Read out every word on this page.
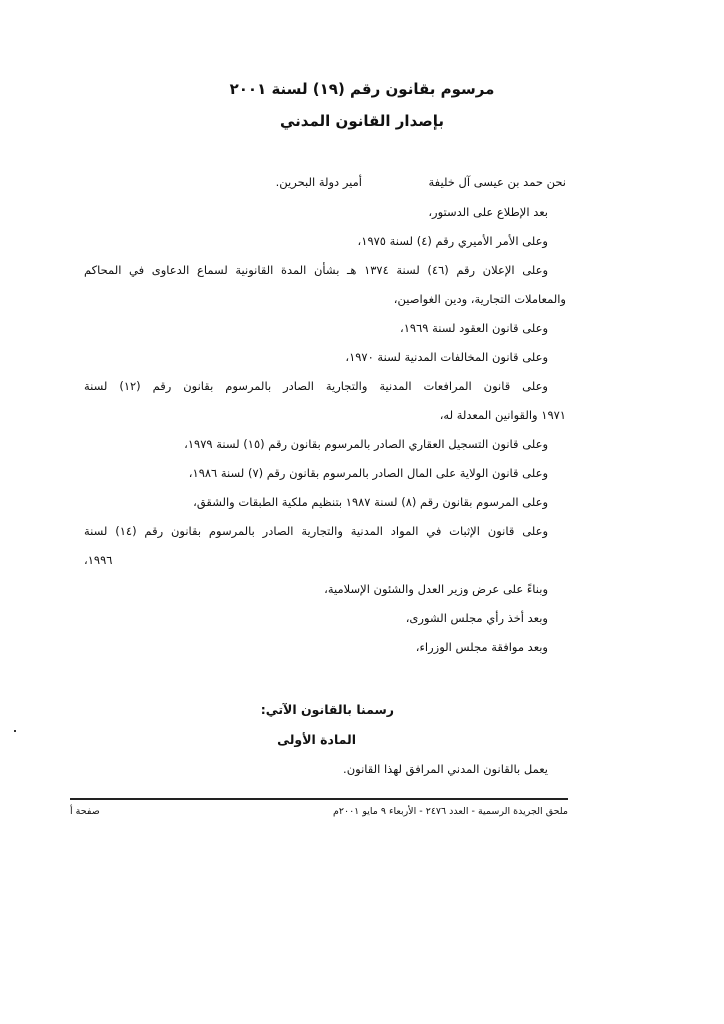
مرسوم بقانون رقم (١٩) لسنة ٢٠٠١
بإصدار القانون المدني
نحن حمد بن عيسى آل خليفة
أمير دولة البحرين.
بعد الإطلاع على الدستور،
وعلى الأمر الأميري رقم (٤) لسنة ١٩٧٥،
وعلى الإعلان رقم (٤٦) لسنة ١٣٧٤ هـ بشأن المدة القانونية لسماع الدعاوى في المحاكم
والمعاملات التجارية، ودين الغواصين،
وعلى قانون العقود لسنة ١٩٦٩،
وعلى قانون المخالفات المدنية لسنة ١٩٧٠،
وعلى قانون المرافعات المدنية والتجارية الصادر بالمرسوم بقانون رقم (١٢) لسنة
١٩٧١ والقوانين المعدلة له،
وعلى قانون التسجيل العقاري الصادر بالمرسوم بقانون رقم (١٥) لسنة ١٩٧٩،
وعلى قانون الولاية على المال الصادر بالمرسوم بقانون رقم (٧) لسنة ١٩٨٦،
وعلى المرسوم بقانون رقم (٨) لسنة ١٩٨٧ بتنظيم ملكية الطبقات والشقق،
وعلى قانون الإثبات في المواد المدنية والتجارية الصادر بالمرسوم بقانون رقم (١٤) لسنة
١٩٩٦،
وبناءً على عرض وزير العدل والشئون الإسلامية،
وبعد أخذ رأي مجلس الشورى،
وبعد موافقة مجلس الوزراء،
رسمنا بالقانون الآتي:
المادة الأولى
يعمل بالقانون المدني المرافق لهذا القانون.
ملحق الجريدة الرسمية - العدد ٢٤٧٦ - الأربعاء ٩ مايو ٢٠٠١م
صفحة أ
